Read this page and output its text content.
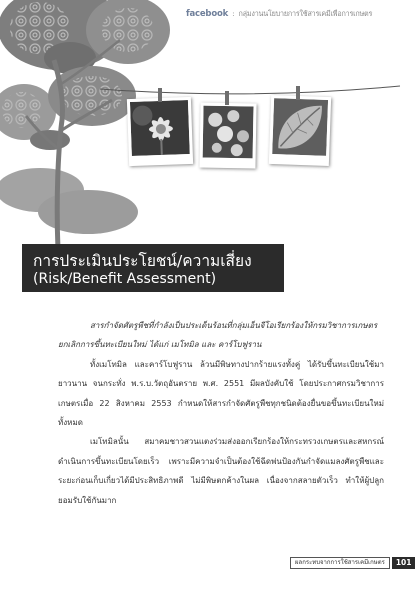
facebook : กลุ่มงานนโยบายการใช้สารเคมีเพื่อการเกษตร
การประเมินประโยชน์/ความเสี่ยง
(Risk/Benefit Assessment)

สารกำจัดศัตรูพืชที่กำลังเป็นประเด็นร้อนที่กลุ่มเอ็นจีโอเรียกร้องให้กรมวิชาการเกษตร ยกเลิกการขึ้นทะเบียนใหม่ ได้แก่ เมโทมิล และ คาร์โบฟูราน

ทั้งเมโทมิล และคาร์โบฟูราน ล้วนมีพิษทางปากร้ายแรงทั้งคู่ ได้รับขึ้นทะเบียนใช้มายาวนาน จนกระทั่ง พ.ร.บ.วัตถุอันตราย พ.ศ. 2551 มีผลบังคับใช้ โดยประกาศกรมวิชาการเกษตรเมื่อ 22 สิงหาคม 2553 กำหนดให้สารกำจัดศัตรูพืชทุกชนิดต้องยื่นขอขึ้นทะเบียนใหม่ทั้งหมด

เมโทมิลนั้น สมาคมชาวสวนแตงร่วมส่งออกเรียกร้องให้กระทรวงเกษตรและสหกรณ์ ดำเนินการขึ้นทะเบียนโดยเร็ว เพราะมีความจำเป็นต้องใช้ฉีดพ่นป้องกันกำจัดแมลงศัตรูพืชและระยะก่อนเก็บเกี่ยวได้มีประสิทธิภาพดี ไม่มีพิษตกค้างในผล เนื่องจากสลายตัวเร็ว ทำให้ผู้ปลูกยอมรับใช้กันมาก

ผลกระทบจากการใช้สารเคมีเกษตร	101
